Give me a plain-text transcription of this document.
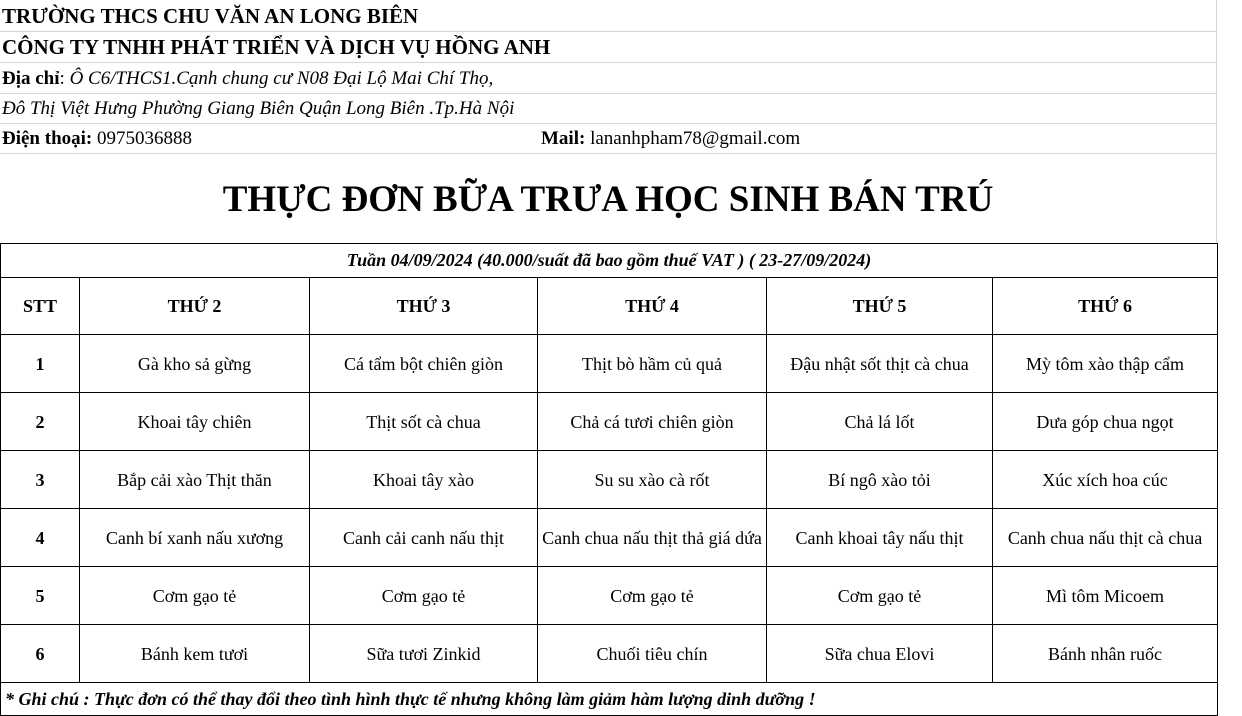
TRƯỜNG THCS CHU VĂN AN LONG BIÊN
CÔNG TY TNHH PHÁT TRIỂN VÀ DỊCH VỤ HỒNG ANH
Địa chỉ: Ô C6/THCS1.Cạnh chung cư N08 Đại Lộ Mai Chí Thọ,
Đô Thị Việt Hưng Phường Giang Biên Quận Long Biên .Tp.Hà Nội
Điện thoại: 0975036888	Mail: lananhpham78@gmail.com
THỰC ĐƠN BỮA TRƯA HỌC SINH BÁN TRÚ
Tuần 04/09/2024 (40.000/suất đã bao gồm thuế VAT ) ( 23-27/09/2024)					
STT	THỨ 2	THỨ 3	THỨ 4	THỨ 5	THỨ 6
1	Gà kho sả gừng	Cá tẩm bột chiên giòn	Thịt bò hầm củ quả	Đậu nhật sốt thịt cà chua	Mỳ tôm xào thập cẩm
2	Khoai tây chiên	Thịt sốt cà chua	Chả cá tươi chiên giòn	Chả lá lốt	Dưa góp chua ngọt
3	Bắp cải xào Thịt thăn	Khoai tây xào	Su su xào cà rốt	Bí ngô xào tỏi	Xúc xích hoa cúc
4	Canh bí xanh nấu xương	Canh cải canh nấu thịt	Canh chua nấu thịt thả giá dứa	Canh khoai tây nấu thịt	Canh chua nấu thịt cà chua
5	Cơm gạo tẻ	Cơm gạo tẻ	Cơm gạo tẻ	Cơm gạo tẻ	Mì tôm Micoem
6	Bánh kem tươi	Sữa tươi Zinkid	Chuối tiêu chín	Sữa chua Elovi	Bánh nhân ruốc
* Ghi chú : Thực đơn có thể thay đổi theo tình hình thực tế nhưng không làm giảm hàm lượng dinh dưỡng !					
